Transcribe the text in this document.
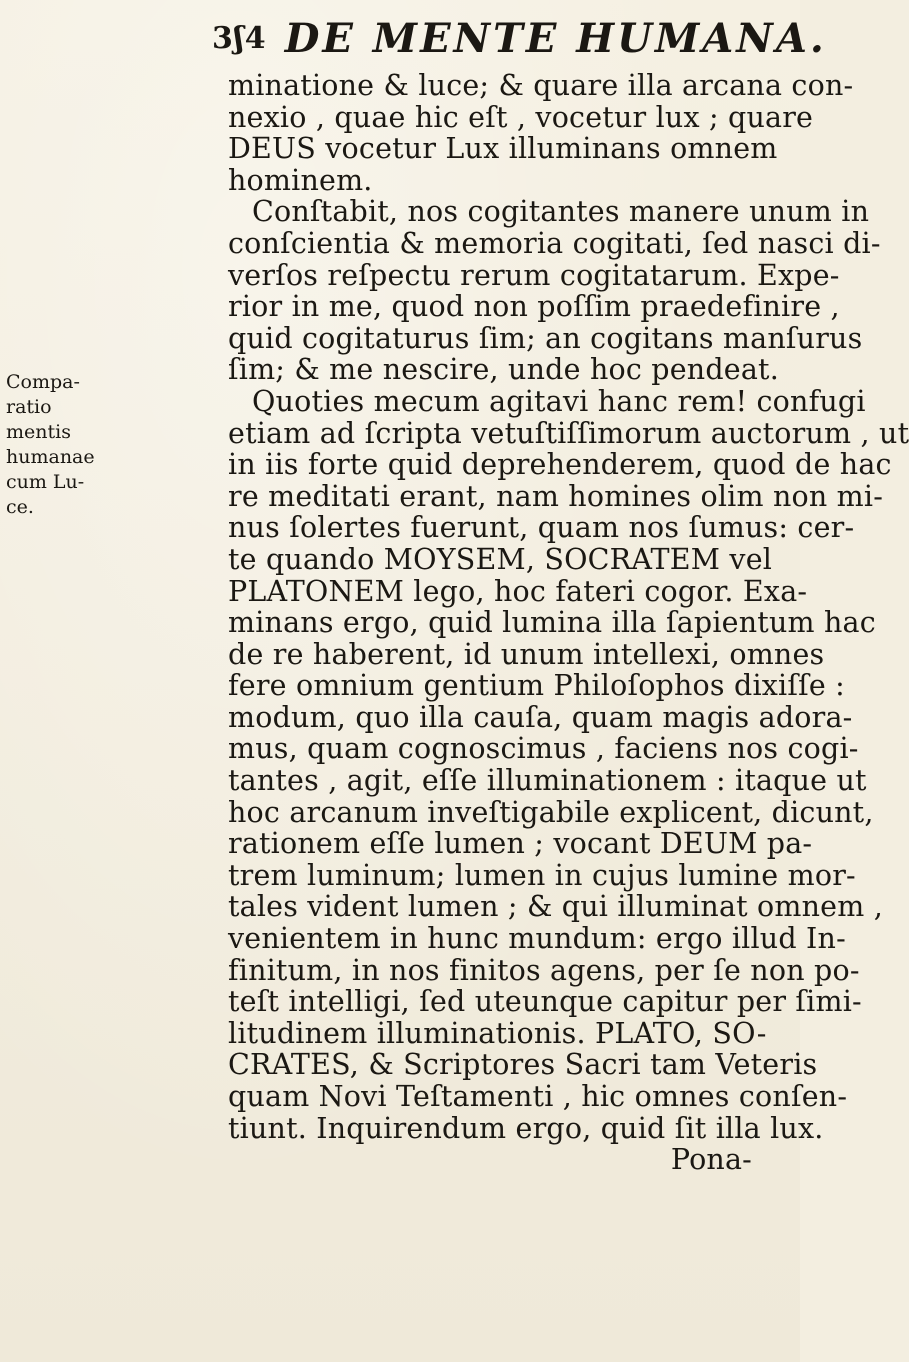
3ʃ4 DE MENTE HUMANA.
Compa-
ratio
mentis
humanae
cum Lu-
ce.
minatione & luce; & quare illa arcana con-
nexio , quae hic eſt , vocetur lux ; quare
DEUS vocetur Lux illuminans omnem
hominem.
Conſtabit, nos cogitantes manere unum in
conſcientia & memoria cogitati, ſed nasci di-
verſos reſpectu rerum cogitatarum. Expe-
rior in me, quod non poſſim praedefinire ,
quid cogitaturus ſim; an cogitans manſurus
ſim; & me nescire, unde hoc pendeat.
Quoties mecum agitavi hanc rem! confugi
etiam ad ſcripta vetuſtiſſimorum auctorum , ut
in iis forte quid deprehenderem, quod de hac
re meditati erant, nam homines olim non mi-
nus ſolertes fuerunt, quam nos ſumus: cer-
te quando MOYSEM, SOCRATEM vel
PLATONEM lego, hoc fateri cogor. Exa-
minans ergo, quid lumina illa ſapientum hac
de re haberent, id unum intellexi, omnes
fere omnium gentium Philoſophos dixiſſe :
modum, quo illa cauſa, quam magis adora-
mus, quam cognoscimus , faciens nos cogi-
tantes , agit, eſſe illuminationem : itaque ut
hoc arcanum inveſtigabile explicent, dicunt,
rationem eſſe lumen ; vocant DEUM pa-
trem luminum; lumen in cujus lumine mor-
tales vident lumen ; & qui illuminat omnem ,
venientem in hunc mundum: ergo illud In-
finitum, in nos finitos agens, per ſe non po-
teſt intelligi, ſed uteunque capitur per ſimi-
litudinem illuminationis. PLATO, SO-
CRATES, & Scriptores Sacri tam Veteris
quam Novi Teſtamenti , hic omnes conſen-
tiunt. Inquirendum ergo, quid ſit illa lux.
Pona-
